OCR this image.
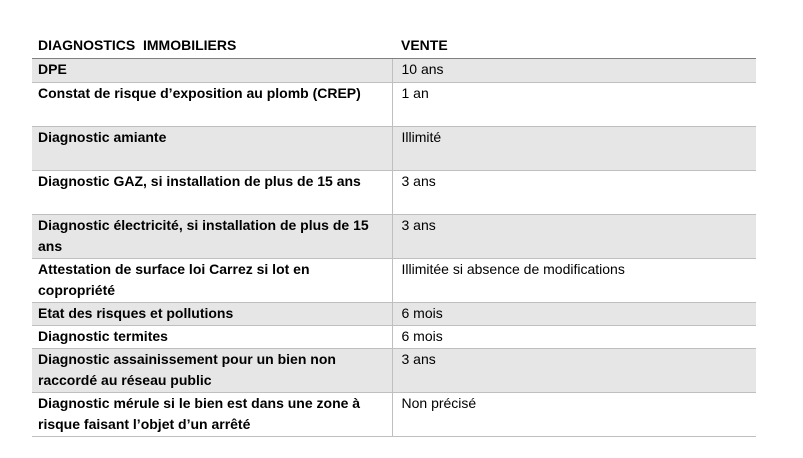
DIAGNOSTICS  IMMOBILIERS	VENTE
DPE	10 ans
Constat de risque d’exposition au plomb (CREP)	1 an
Diagnostic amiante	Illimité
Diagnostic GAZ, si installation de plus de 15 ans	3 ans
Diagnostic électricité, si installation de plus de 15 ans	3 ans
Attestation de surface loi Carrez si lot en copropriété	Illimitée si absence de modifications
Etat des risques et pollutions	6 mois
Diagnostic termites	6 mois
Diagnostic assainissement pour un bien non raccordé au réseau public	3 ans
Diagnostic mérule si le bien est dans une zone à risque faisant l’objet d’un arrêté	Non précisé
